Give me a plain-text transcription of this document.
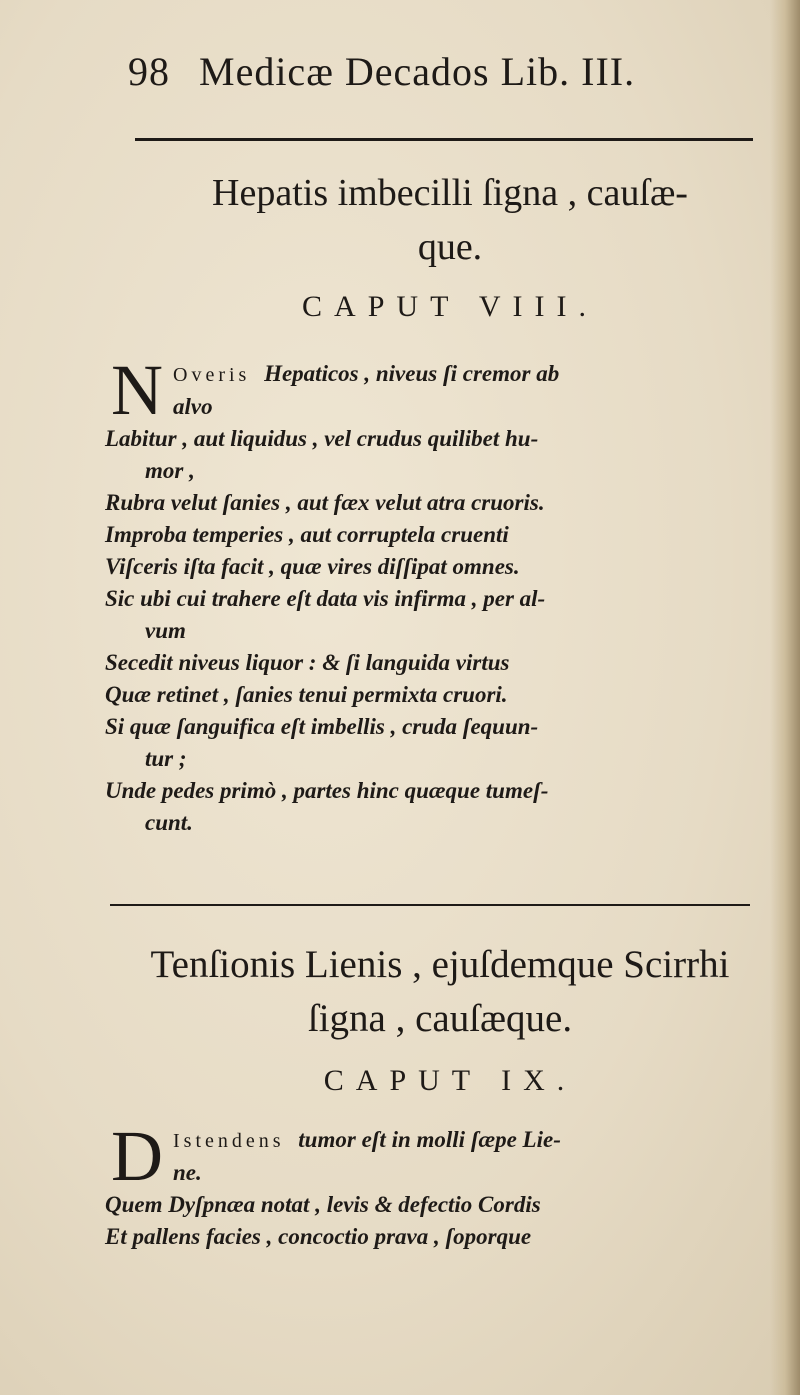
98 Medicæ Decados Lib. III.
Hepatis imbecilli ſigna , cauſæ-
que.
CAPUT VIII.
N Overis Hepaticos , niveus ſi cremor ab
alvo
Labitur , aut liquidus , vel crudus quilibet hu-
mor ,
Rubra velut ſanies , aut fæx velut atra cruoris.
Improba temperies , aut corruptela cruenti
Viſceris iſta facit , quæ vires diſſipat omnes.
Sic ubi cui trahere eſt data vis infirma , per al-
vum
Secedit niveus liquor : & ſi languida virtus
Quæ retinet , ſanies tenui permixta cruori.
Si quæ ſanguifica eſt imbellis , cruda ſequun-
tur ;
Unde pedes primò , partes hinc quæque tumeſ-
cunt.
Tenſionis Lienis , ejuſdemque Scirrhi
ſigna , cauſæque.
CAPUT IX.
D Istendens tumor eſt in molli ſæpe Lie-
ne.
Quem Dyſpnæa notat , levis & defectio Cordis
Et pallens facies , concoctio prava , ſoporque
